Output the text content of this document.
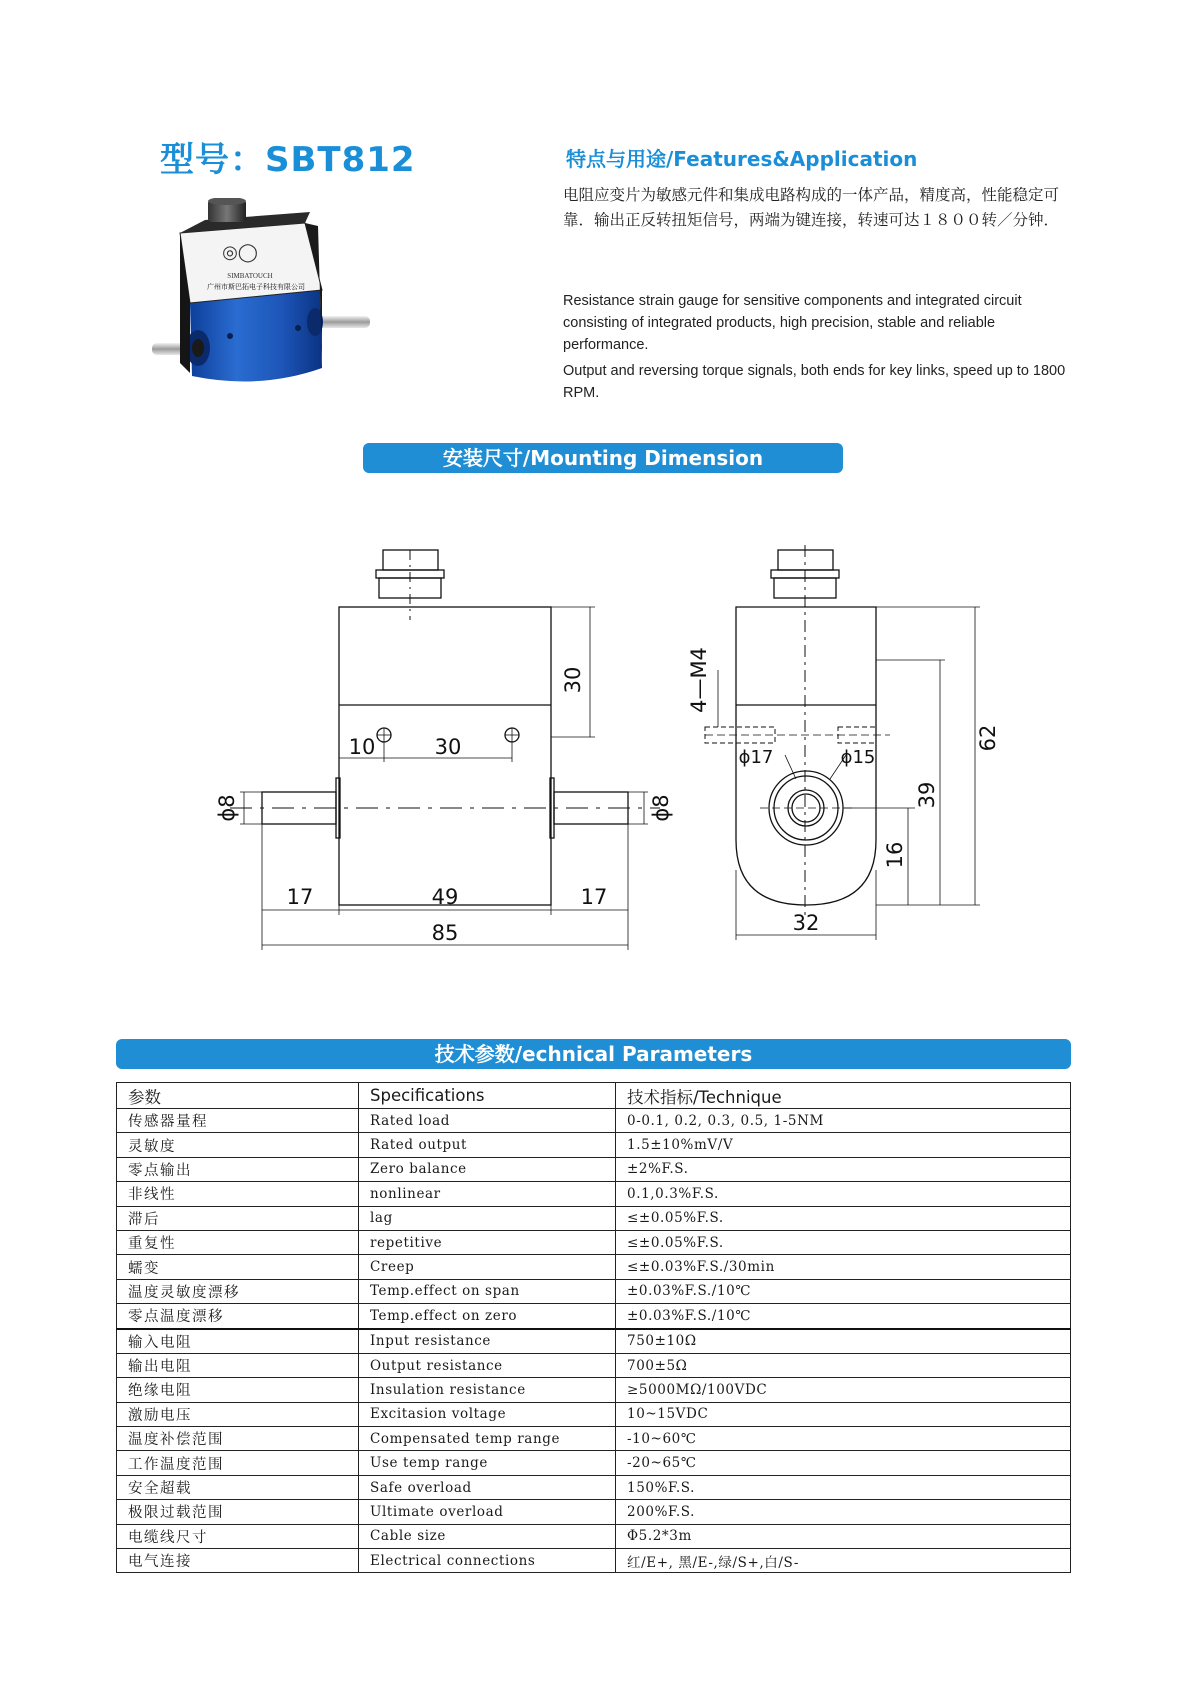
型号：SBT812
◎◯
SIMBATOUCH
广州市斯巴拓电子科技有限公司
特点与用途/Features&Application
电阻应变片为敏感元件和集成电路构成的一体产品，精度高，性能稳定可靠．输出正反转扭矩信号，两端为键连接，转速可达１８００转／分钟．
Resistance strain gauge for sensitive components and integrated circuit consisting of integrated products, high precision, stable and reliable performance.
Output and reversing torque signals, both ends for key links, speed up to 1800 RPM.
安装尺寸/Mounting Dimension
30
10	30
ϕ8	ϕ8
17	49	17
85
4—M4
ϕ17	ϕ15
62
39
16
32
技术参数/echnical Parameters
参数	Specifications	技术指标/Technique
传感器量程	Rated load	0-0.1, 0.2, 0.3, 0.5, 1-5NM
灵敏度	Rated output	1.5±10%mV/V
零点输出	Zero balance	±2%F.S.
非线性	nonlinear	0.1,0.3%F.S.
滞后	lag	≤±0.05%F.S.
重复性	repetitive	≤±0.05%F.S.
蠕变	Creep	≤±0.03%F.S./30min
温度灵敏度漂移	Temp.effect on span	±0.03%F.S./10℃
零点温度漂移	Temp.effect on zero	±0.03%F.S./10℃
输入电阻	Input resistance	750±10Ω
输出电阻	Output resistance	700±5Ω
绝缘电阻	Insulation resistance	≥5000MΩ/100VDC
激励电压	Excitasion voltage	10~15VDC
温度补偿范围	Compensated temp range	-10~60℃
工作温度范围	Use temp range	-20~65℃
安全超载	Safe overload	150%F.S.
极限过载范围	Ultimate overload	200%F.S.
电缆线尺寸	Cable size	Φ5.2*3m
电气连接	Electrical connections	红/E+, 黑/E-,绿/S+,白/S-
